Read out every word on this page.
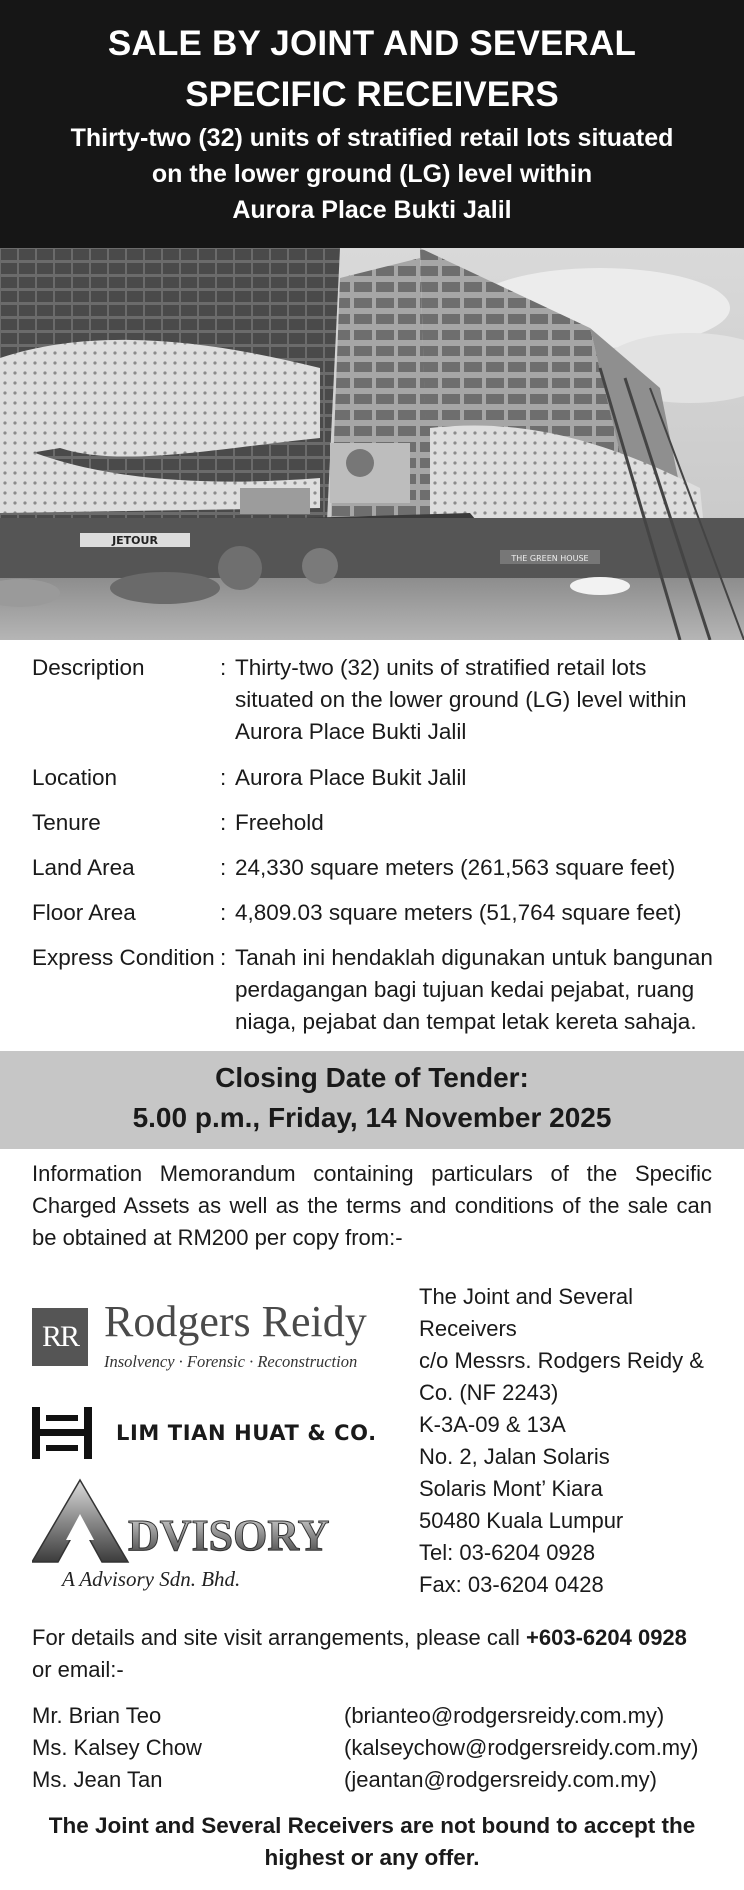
SALE BY JOINT AND SEVERAL
SPECIFIC RECEIVERS
Thirty-two (32) units of stratified retail lots situated
on the lower ground (LG) level within
Aurora Place Bukti Jalil
JETOUR
THE GREEN HOUSE
Description	: Thirty-two (32) units of stratified retail lots
situated on the lower ground (LG) level within
Aurora Place Bukti Jalil
Location	: Aurora Place Bukit Jalil
Tenure	: Freehold
Land Area	: 24,330 square meters (261,563 square feet)
Floor Area	: 4,809.03 square meters (51,764 square feet)
Express Condition : Tanah ini hendaklah digunakan untuk bangunan
perdagangan bagi tujuan kedai pejabat, ruang
niaga, pejabat dan tempat letak kereta sahaja.
Closing Date of Tender:
5.00 p.m., Friday, 14 November 2025
Information Memorandum containing particulars of the Specific
Charged Assets as well as the terms and conditions of the sale can
be obtained at RM200 per copy from:-
RR Rodgers Reidy
Insolvency · Forensic · Reconstruction
LIM TIAN HUAT & CO.
DVISORY
A Advisory Sdn. Bhd.
The Joint and Several
Receivers
c/o Messrs. Rodgers Reidy &
Co. (NF 2243)
K-3A-09 & 13A
No. 2, Jalan Solaris
Solaris Mont’ Kiara
50480 Kuala Lumpur
Tel: 03-6204 0928
Fax: 03-6204 0428
For details and site visit arrangements, please call +603-6204 0928
or email:-
Mr. Brian Teo	(brianteo@rodgersreidy.com.my)
Ms. Kalsey Chow	(kalseychow@rodgersreidy.com.my)
Ms. Jean Tan	(jeantan@rodgersreidy.com.my)
The Joint and Several Receivers are not bound to accept the
highest or any offer.
